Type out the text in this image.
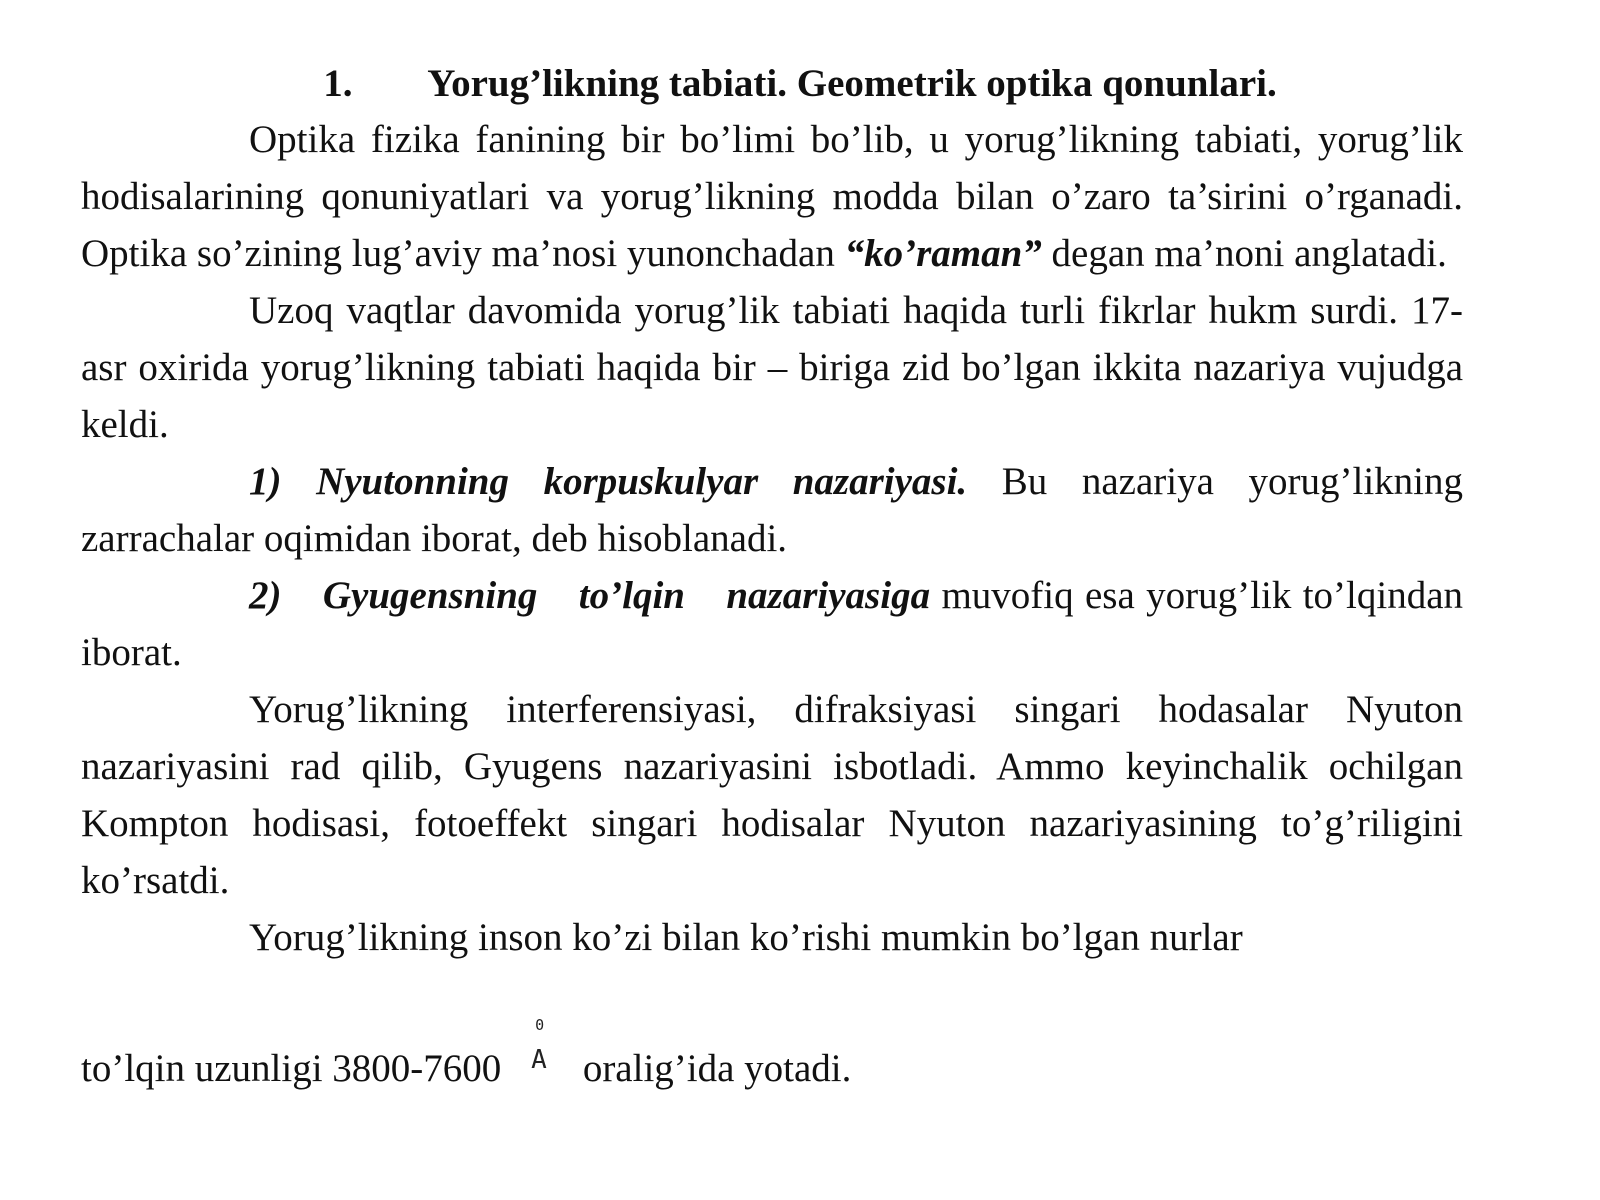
1. Yorug’likning tabiati. Geometrik optika qonunlari.

Optika fizika fanining bir bo’limi bo’lib, u yorug’likning tabiati, yorug’lik hodisalarining qonuniyatlari va yorug’likning modda bilan o’zaro ta’sirini o’rganadi. Optika so’zining lug’aviy ma’nosi yunonchadan “ko’raman” degan ma’noni anglatadi.

Uzoq vaqtlar davomida yorug’lik tabiati haqida turli fikrlar hukm surdi. 17-asr oxirida yorug’likning tabiati haqida bir – biriga zid bo’lgan ikkita nazariya vujudga keldi.

1) Nyutonning korpuskulyar nazariyasi. Bu nazariya yorug’likning zarrachalar oqimidan iborat, deb hisoblanadi.

2) Gyugensning to’lqin nazariyasiga muvofiq esa yorug’lik to’lqindan iborat.

Yorug’likning interferensiyasi, difraksiyasi singari hodasalar Nyuton nazariyasini rad qilib, Gyugens nazariyasini isbotladi. Ammo keyinchalik ochilgan Kompton hodisasi, fotoeffekt singari hodisalar Nyuton nazariyasining to’g’riligini ko’rsatdi.

Yorug’likning inson ko’zi bilan ko’rishi mumkin bo’lgan nurlar

to’lqin uzunligi 3800-7600
0
A oralig’ida yotadi.
